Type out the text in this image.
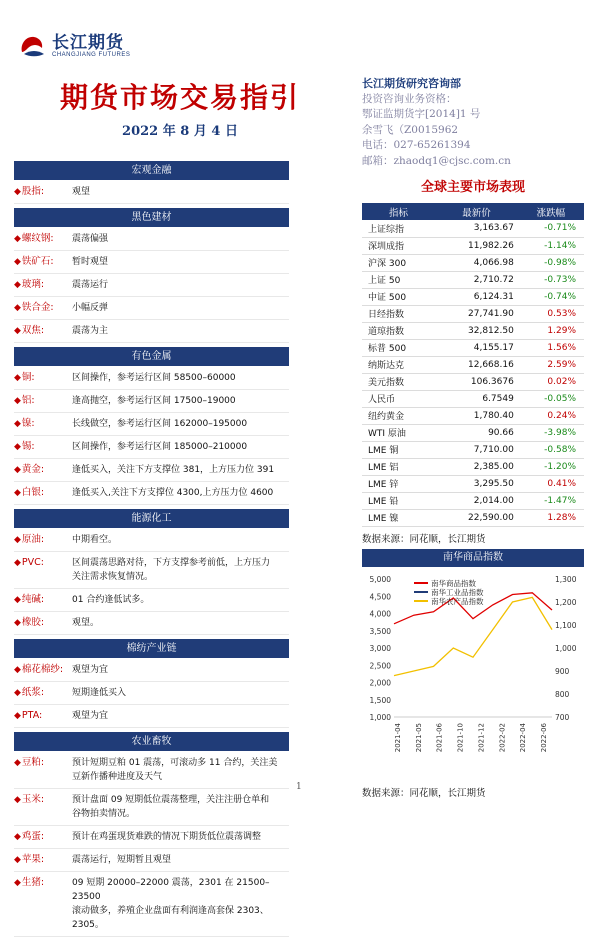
长江期货
CHANGJIANG FUTURES
期货市场交易指引
2022 年 8 月 4 日
长江期货研究咨询部
投资咨询业务资格：
鄂证监期货字[2014]1 号
余雪飞（Z0015962
电话：027-65261394
邮箱：zhaodq1@cjsc.com.cn
宏观金融
◆股指:	观望
黑色建材
◆螺纹钢:	震荡偏强
◆铁矿石:	暂时观望
◆玻璃:	震荡运行
◆铁合金:	小幅反弹
◆双焦:	震荡为主
有色金属
◆铜:	区间操作，参考运行区间 58500–60000
◆铝:	逢高抛空，参考运行区间 17500–19000
◆镍:	长线做空，参考运行区间 162000–195000
◆锡:	区间操作，参考运行区间 185000–210000
◆黄金:	逢低买入，关注下方支撑位 381，上方压力位 391
◆白银:	逢低买入,关注下方支撑位 4300,上方压力位 4600
能源化工
◆原油:	中期看空。
◆PVC:	区间震荡思路对待，下方支撑参考前低，上方压力
关注需求恢复情况。
◆纯碱:	01 合约逢低试多。
◆橡胶:	观望。
棉纺产业链
◆棉花棉纱: 观望为宜
◆纸浆:	短期逢低买入
◆PTA:	观望为宜
农业畜牧
◆豆粕:	预计短期豆粕 01 震荡，可滚动多 11 合约，关注美
豆新作播种进度及天气
◆玉米:	预计盘面 09 短期低位震荡整理，关注注册仓单和
谷物拍卖情况。
◆鸡蛋:	预计在鸡蛋现货难跌的情况下期货低位震荡调整
◆苹果:	震荡运行，短期暂且观望
◆生猪:	09 短期 20000–22000 震荡，2301 在 21500–23500
滚动做多，养殖企业盘面有利润逢高套保 2303、
2305。
全球主要市场表现
指标	最新价	涨跌幅
上证综指	3,163.67	-0.71%
深圳成指	11,982.26	-1.14%
沪深 300	4,066.98	-0.98%
上证 50	2,710.72	-0.73%
中证 500	6,124.31	-0.74%
日经指数	27,741.90	0.53%
道琼指数	32,812.50	1.29%
标普 500	4,155.17	1.56%
纳斯达克	12,668.16	2.59%
美元指数	106.3676	0.02%
人民币	6.7549	-0.05%
纽约黄金	1,780.40	0.24%
WTI 原油	90.66	-3.98%
LME 铜	7,710.00	-0.58%
LME 铝	2,385.00	-1.20%
LME 锌	3,295.50	0.41%
LME 铅	2,014.00	-1.47%
LME 镍	22,590.00	1.28%
数据来源：同花顺，长江期货
南华商品指数
1,000
1,500
2,000
2,500
3,000
3,500
4,000
4,500
5,000
700
800
900
1,000
1,100
1,200
1,300
2021-04 2021-05 2021-06 2021-10 2021-12 2022-02 2022-04 2022-06
南华商品指数
南华工业品指数
南华农产品指数
数据来源：同花顺，长江期货
1
